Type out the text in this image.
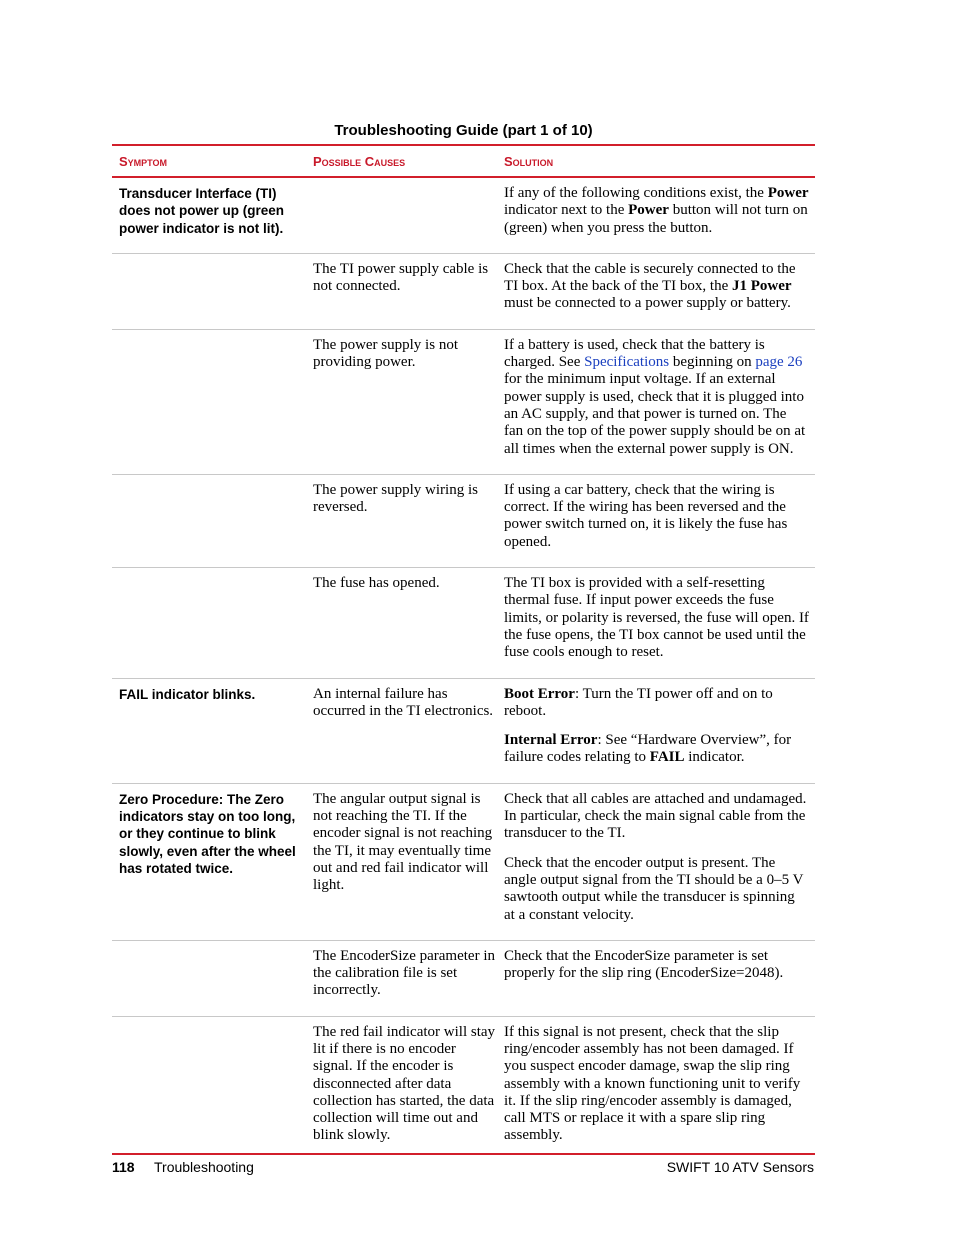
Troubleshooting Guide (part 1 of 10)
Symptom	Possible Causes	Solution
Transducer Interface (TI) does not power up (green power indicator is not lit).		If any of the following conditions exist, the Power indicator next to the Power button will not turn on (green) when you press the button.
	The TI power supply cable is not connected.	Check that the cable is securely connected to the TI box. At the back of the TI box, the J1 Power must be connected to a power supply or battery.
	The power supply is not providing power.	If a battery is used, check that the battery is charged. See Specifications beginning on page 26 for the minimum input voltage. If an external power supply is used, check that it is plugged into an AC supply, and that power is turned on. The fan on the top of the power supply should be on at all times when the external power supply is ON.
	The power supply wiring is reversed.	If using a car battery, check that the wiring is correct. If the wiring has been reversed and the power switch turned on, it is likely the fuse has opened.
	The fuse has opened.	The TI box is provided with a self-resetting thermal fuse. If input power exceeds the fuse limits, or polarity is reversed, the fuse will open. If the fuse opens, the TI box cannot be used until the fuse cools enough to reset.
FAIL indicator blinks.	An internal failure has occurred in the TI electronics.	Boot Error: Turn the TI power off and on to reboot.

Internal Error: See “Hardware Overview”, for failure codes relating to FAIL indicator.

Zero Procedure: The Zero indicators stay on too long, or they continue to blink slowly, even after the wheel has rotated twice.	The angular output signal is not reaching the TI. If the encoder signal is not reaching the TI, it may eventually time out and red fail indicator will light.	Check that all cables are attached and undamaged. In particular, check the main signal cable from the transducer to the TI.

Check that the encoder output is present. The angle output signal from the TI should be a 0–5 V sawtooth output while the transducer is spinning at a constant velocity.

	The EncoderSize parameter in the calibration file is set incorrectly.	Check that the EncoderSize parameter is set properly for the slip ring (EncoderSize=2048).
	The red fail indicator will stay lit if there is no encoder signal. If the encoder is disconnected after data collection has started, the data collection will time out and blink slowly.	If this signal is not present, check that the slip ring/encoder assembly has not been damaged. If you suspect encoder damage, swap the slip ring assembly with a known functioning unit to verify it. If the slip ring/encoder assembly is damaged, call MTS or replace it with a spare slip ring assembly.
118 Troubleshooting	SWIFT 10 ATV Sensors
